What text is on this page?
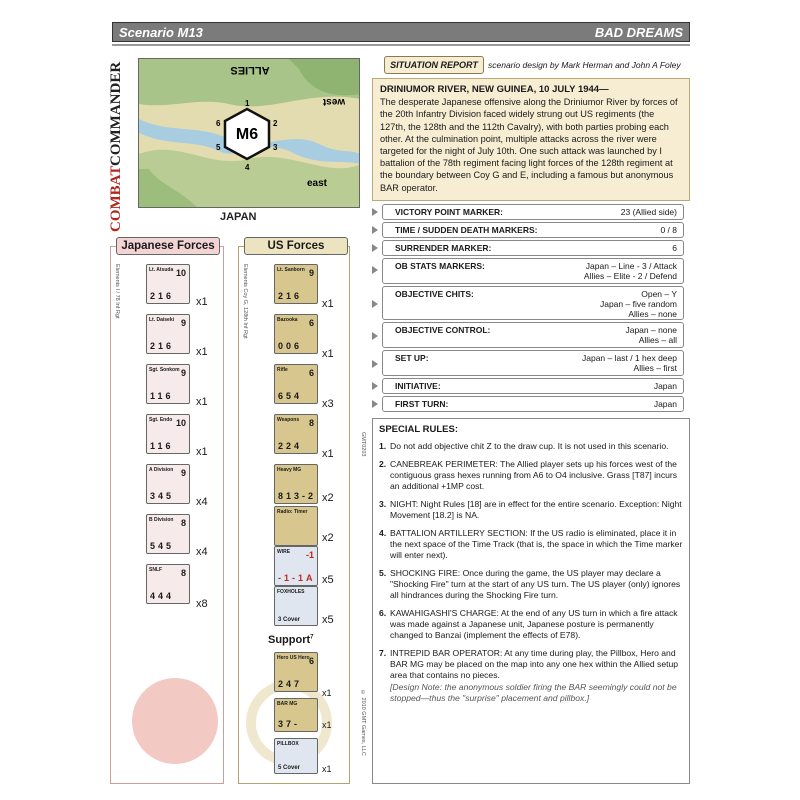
Scenario M13	BAD DREAMS
COMBAT
COMMANDER	M6
1
2
3
4
5
6
ALLIES
west
east
JAPAN
SITUATION REPORT	scenario design by Mark Herman and John A Foley
DRINIUMOR RIVER, NEW GUINEA, 10 JULY 1944—
The desperate Japanese offensive along the Driniumor River by forces of the 20th Infantry Division faced widely strung out US regiments (the 127th, the 128th and the 112th Cavalry), with both parties probing each other. At the culmination point, multiple attacks across the river were targeted for the night of July 10th. One such attack was launched by I battalion of the 78th regiment facing light forces of the 128th regiment at the boundary between Coy G and E, including a famous but anonymous BAR operator.
VICTORY POINT MARKER:	23 (Allied side)
TIME / SUDDEN DEATH MARKERS:	0 / 8
SURRENDER MARKER:	6
OB STATS MARKERS:	Japan – Line - 3 / Attack
Allies – Elite - 2 / Defend
OBJECTIVE CHITS:	Open – Y
Japan – five random
Allies – none
OBJECTIVE CONTROL:	Japan – none
Allies – all
SET UP:	Japan – last / 1 hex deep
Allies – first
INITIATIVE:	Japan
FIRST TURN:	Japan
Japanese Forces
Elements I / 78 Inf Rgt
US Forces
Elements Coy G, 128th Inf Rgt
Support$^7$
Lt. Atsuda 10
216 x1
Lt. Daiseki 9
216 x1
Sgt. Sonkom 9
116 x1
Sgt. Endo 10
116 x1
A Division 9
345 x4
B Division 8
545 x4
SNLF 8
444
x8
Lt. Sanborn 9
216
x1
Bazooka 6
006
x1
Rifle 6
654
x3
Weapons 8
224
x1
Heavy MG
813-2 x2
Radio: Timer
x2
WIRE -1
-1-1A x5
FOXHOLES
3 Cover x5
Hero US Hero 6
247
x1
BAR MG
37- x1
PILLBOX
5 Cover x1
GMT0203
© 2010 GMT Games, LLC
SPECIAL RULES:
1. Do not add objective chit Z to the draw cup. It is not used in this scenario.
2. CANEBREAK PERIMETER: The Allied player sets up his forces west of the contiguous grass hexes running from A6 to O4 inclusive. Grass [T87] incurs an additional +1MP cost.
3. NIGHT: Night Rules [18] are in effect for the entire scenario. Exception: Night Movement [18.2] is NA.
4. BATTALION ARTILLERY SECTION: If the US radio is eliminated, place it in the next space of the Time Track (that is, the space in which the Time marker will enter next).
5. SHOCKING FIRE: Once during the game, the US player may declare a "Shocking Fire" turn at the start of any US turn. The US player (only) ignores all hindrances during the Shocking Fire turn.
6. KAWAHIGASHI'S CHARGE: At the end of any US turn in which a fire attack was made against a Japanese unit, Japanese posture is permanently changed to Banzai (implement the effects of E78).
7. INTREPID BAR OPERATOR: At any time during play, the Pillbox, Hero and BAR MG may be placed on the map into any one hex within the Allied setup area that contains no pieces.
[Design Note: the anonymous soldier firing the BAR seemingly could not be stopped—thus the "surprise" placement and pillbox.]
